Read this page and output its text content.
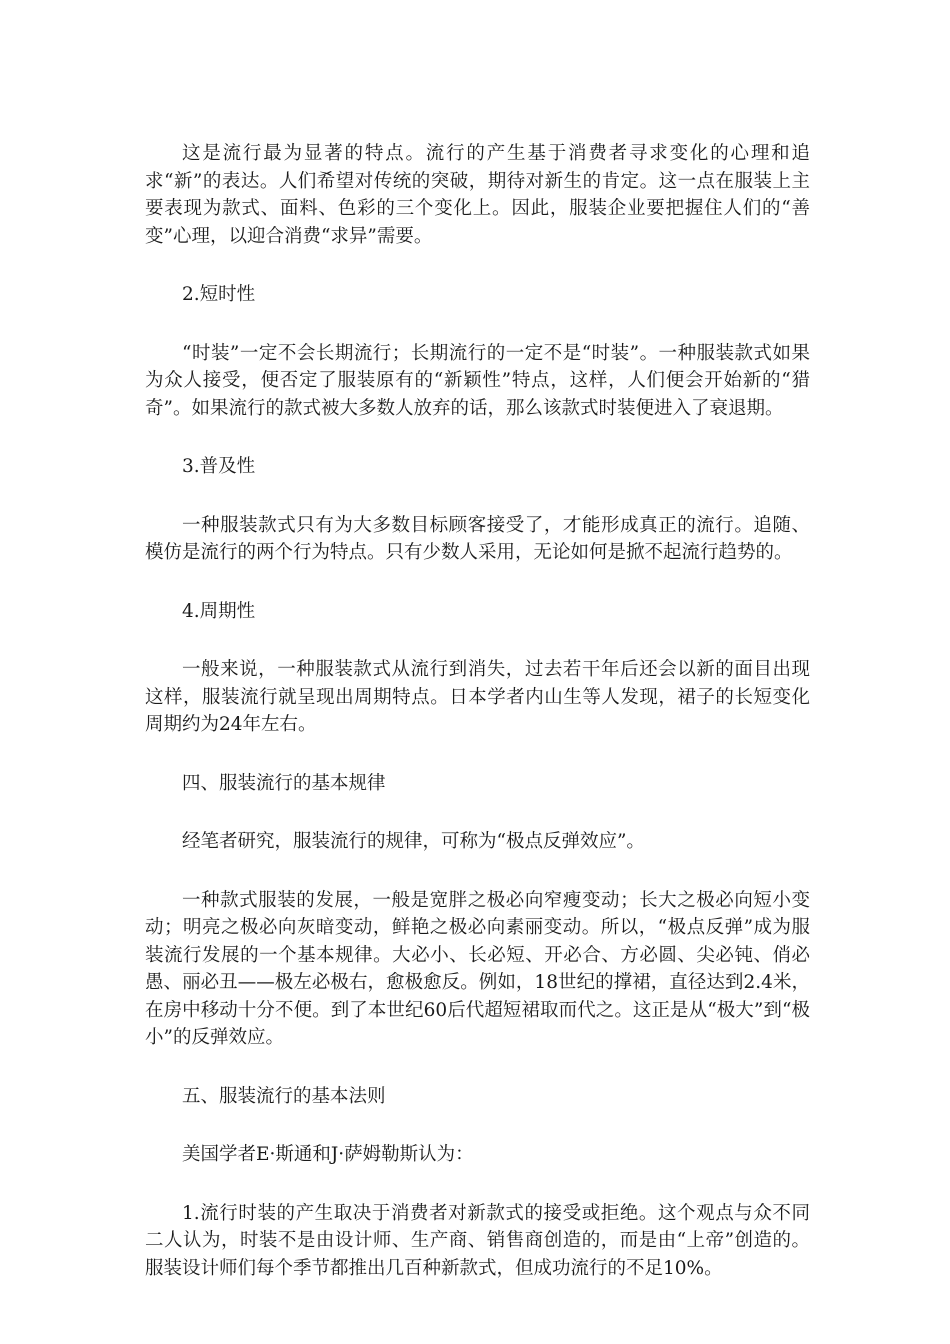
这是流行最为显著的特点。流行的产生基于消费者寻求变化的心理和追求“新”的表达。人们希望对传统的突破，期待对新生的肯定。这一点在服装上主要表现为款式、面料、色彩的三个变化上。因此，服装企业要把握住人们的“善变”心理，以迎合消费“求异”需要。

2.短时性

“时装”一定不会长期流行；长期流行的一定不是“时装”。一种服装款式如果为众人接受，便否定了服装原有的“新颖性”特点，这样，人们便会开始新的“猎奇”。如果流行的款式被大多数人放弃的话，那么该款式时装便进入了衰退期。

3.普及性

一种服装款式只有为大多数目标顾客接受了，才能形成真正的流行。追随、模仿是流行的两个行为特点。只有少数人采用，无论如何是掀不起流行趋势的。

4.周期性

一般来说，一种服装款式从流行到消失，过去若干年后还会以新的面目出现这样，服装流行就呈现出周期特点。日本学者内山生等人发现，裙子的长短变化周期约为24年左右。

四、服装流行的基本规律

经笔者研究，服装流行的规律，可称为“极点反弹效应”。

一种款式服装的发展，一般是宽胖之极必向窄瘦变动；长大之极必向短小变动；明亮之极必向灰暗变动，鲜艳之极必向素丽变动。所以，“极点反弹”成为服装流行发展的一个基本规律。大必小、长必短、开必合、方必圆、尖必钝、俏必愚、丽必丑——极左必极右，愈极愈反。例如，18世纪的撑裙，直径达到2.4米，在房中移动十分不便。到了本世纪60后代超短裙取而代之。这正是从“极大”到“极小”的反弹效应。

五、服装流行的基本法则

美国学者E·斯通和J·萨姆勒斯认为：

1.流行时装的产生取决于消费者对新款式的接受或拒绝。这个观点与众不同二人认为，时装不是由设计师、生产商、销售商创造的，而是由“上帝”创造的。服装设计师们每个季节都推出几百种新款式，但成功流行的不足10%。
